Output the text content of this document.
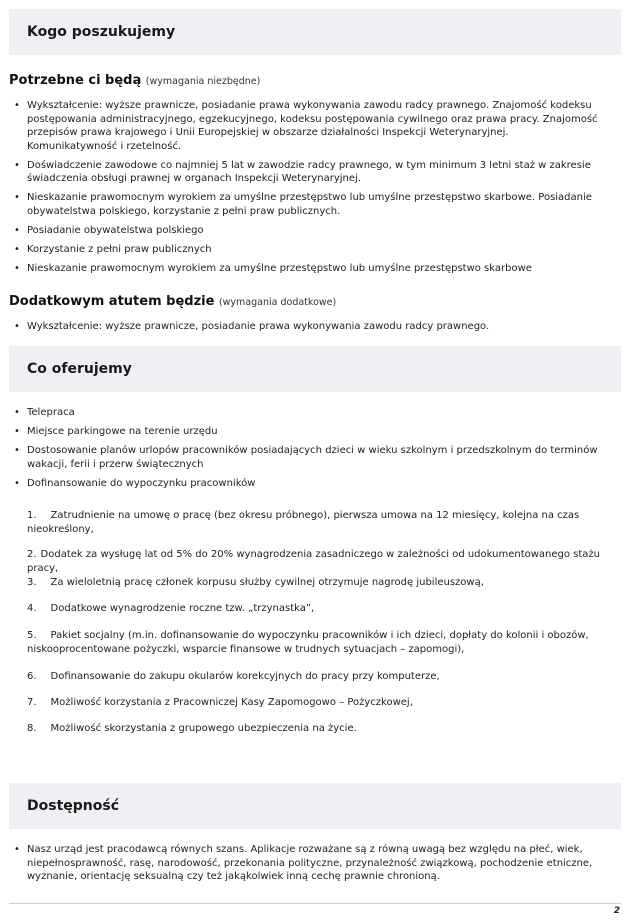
Kogo poszukujemy

Potrzebne ci będą (wymagania niezbędne)

• Wykształcenie: wyższe prawnicze, posiadanie prawa wykonywania zawodu radcy prawnego. Znajomość kodeksu postępowania administracyjnego, egzekucyjnego, kodeksu postępowania cywilnego oraz prawa pracy. Znajomość przepisów prawa krajowego i Unii Europejskiej w obszarze działalności Inspekcji Weterynaryjnej. Komunikatywność i rzetelność.
• Doświadczenie zawodowe co najmniej 5 lat w zawodzie radcy prawnego, w tym minimum 3 letni staż w zakresie świadczenia obsługi prawnej w organach Inspekcji Weterynaryjnej.
• Nieskazanie prawomocnym wyrokiem za umyślne przestępstwo lub umyślne przestępstwo skarbowe. Posiadanie obywatelstwa polskiego, korzystanie z pełni praw publicznych.
• Posiadanie obywatelstwa polskiego
• Korzystanie z pełni praw publicznych
• Nieskazanie prawomocnym wyrokiem za umyślne przestępstwo lub umyślne przestępstwo skarbowe

Dodatkowym atutem będzie (wymagania dodatkowe)

• Wykształcenie: wyższe prawnicze, posiadanie prawa wykonywania zawodu radcy prawnego.
Co oferujemy
• Telepraca
• Miejsce parkingowe na terenie urzędu
• Dostosowanie planów urlopów pracowników posiadających dzieci w wieku szkolnym i przedszkolnym do terminów wakacji, ferii i przerw świątecznych
• Dofinansowanie do wypoczynku pracowników

1. Zatrudnienie na umowę o pracę (bez okresu próbnego), pierwsza umowa na 12 miesięcy, kolejna na czas nieokreślony,

2. Dodatek za wysługę lat od 5% do 20% wynagrodzenia zasadniczego w zależności od udokumentowanego stażu pracy,

3. Za wieloletnią pracę członek korpusu służby cywilnej otrzymuje nagrodę jubileuszową,

4. Dodatkowe wynagrodzenie roczne tzw. „trzynastka”,

5. Pakiet socjalny (m.in. dofinansowanie do wypoczynku pracowników i ich dzieci, dopłaty do kolonii i obozów, niskooprocentowane pożyczki, wsparcie finansowe w trudnych sytuacjach – zapomogi),

6. Dofinansowanie do zakupu okularów korekcyjnych do pracy przy komputerze,

7. Możliwość korzystania z Pracowniczej Kasy Zapomogowo – Pożyczkowej,

8. Możliwość skorzystania z grupowego ubezpieczenia na życie.

Dostępność
• Nasz urząd jest pracodawcą równych szans. Aplikacje rozważane są z równą uwagą bez względu na płeć, wiek, niepełnosprawność, rasę, narodowość, przekonania polityczne, przynależność związkową, pochodzenie etniczne, wyznanie, orientację seksualną czy też jakąkolwiek inną cechę prawnie chronioną.
2
